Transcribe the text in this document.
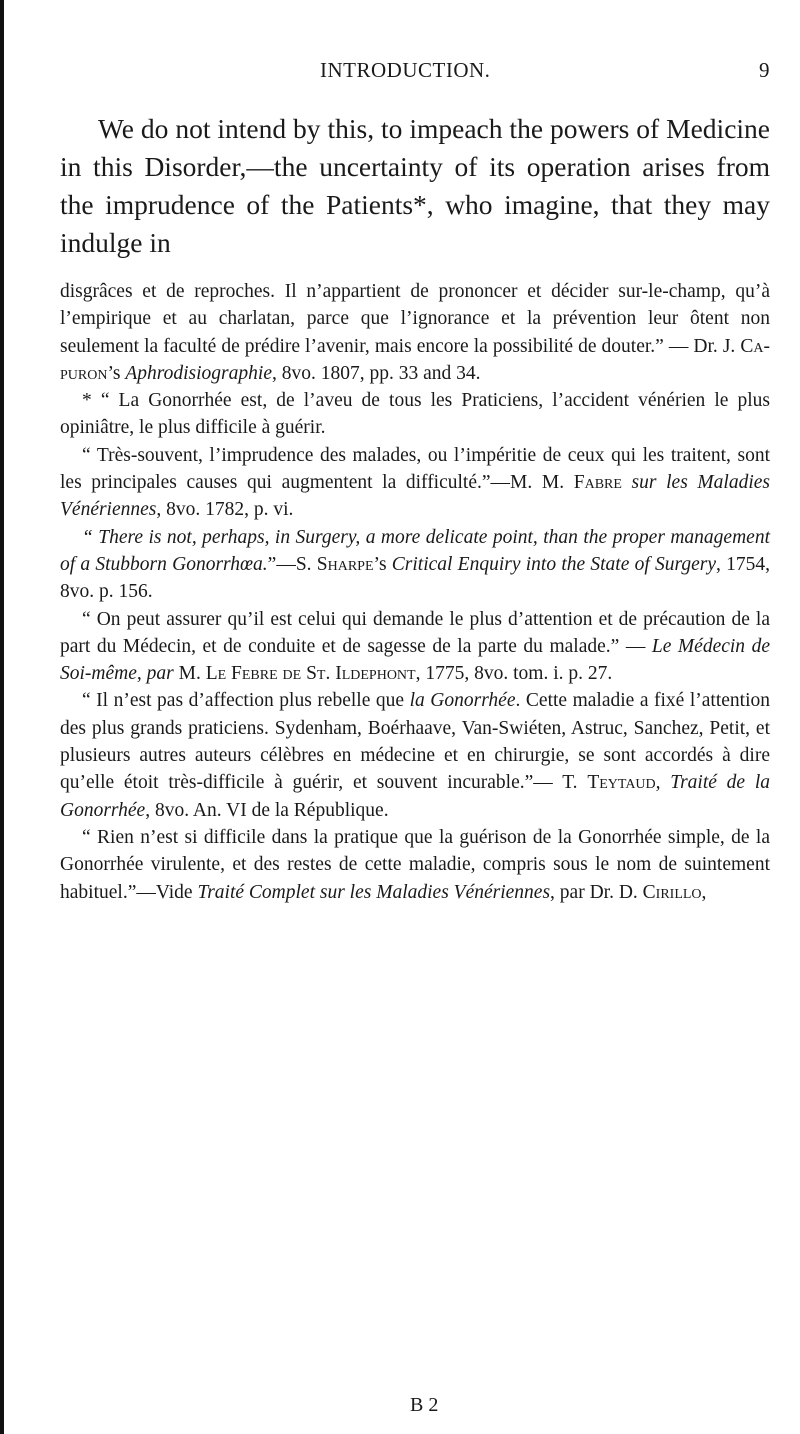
INTRODUCTION.	9

We do not intend by this, to impeach the powers of Medicine in this Disorder,—the uncertainty of its operation arises from the imprudence of the Patients*, who imagine, that they may indulge in

disgrâces et de reproches. Il n’appartient de prononcer et décider sur-le-champ, qu’à l’empirique et au charlatan, parce que l’ignorance et la prévention leur ôtent non seulement la faculté de prédire l’avenir, mais encore la possibilité de douter.” — Dr. J. Capuron’s Aphrodisiographie, 8vo. 1807, pp. 33 and 34.

* “ La Gonorrhée est, de l’aveu de tous les Praticiens, l’accident vénérien le plus opiniâtre, le plus difficile à guérir.

“ Très-souvent, l’imprudence des malades, ou l’impéritie de ceux qui les traitent, sont les principales causes qui augmentent la difficulté.”—M. M. Fabre sur les Maladies Vénériennes, 8vo. 1782, p. vi.

“ There is not, perhaps, in Surgery, a more delicate point, than the proper management of a Stubborn Gonorrhœa.”—S. Sharpe’s Critical Enquiry into the State of Surgery, 1754, 8vo. p. 156.

“ On peut assurer qu’il est celui qui demande le plus d’attention et de précaution de la part du Médecin, et de conduite et de sagesse de la parte du malade.” — Le Médecin de Soi-même, par M. Le Febre de St. Ildephont, 1775, 8vo. tom. i. p. 27.

“ Il n’est pas d’affection plus rebelle que la Gonorrhée. Cette maladie a fixé l’attention des plus grands praticiens. Sydenham, Boérhaave, Van-Swiéten, Astruc, Sanchez, Petit, et plusieurs autres auteurs célèbres en médecine et en chirurgie, se sont accordés à dire qu’elle étoit très-difficile à guérir, et souvent incurable.”— T. Teytaud, Traité de la Gonorrhée, 8vo. An. VI de la République.

“ Rien n’est si difficile dans la pratique que la guérison de la Gonorrhée simple, de la Gonorrhée virulente, et des restes de cette maladie, compris sous le nom de suintement habituel.”—Vide Traité Complet sur les Maladies Vénériennes, par Dr. D. Cirillo,

B 2
